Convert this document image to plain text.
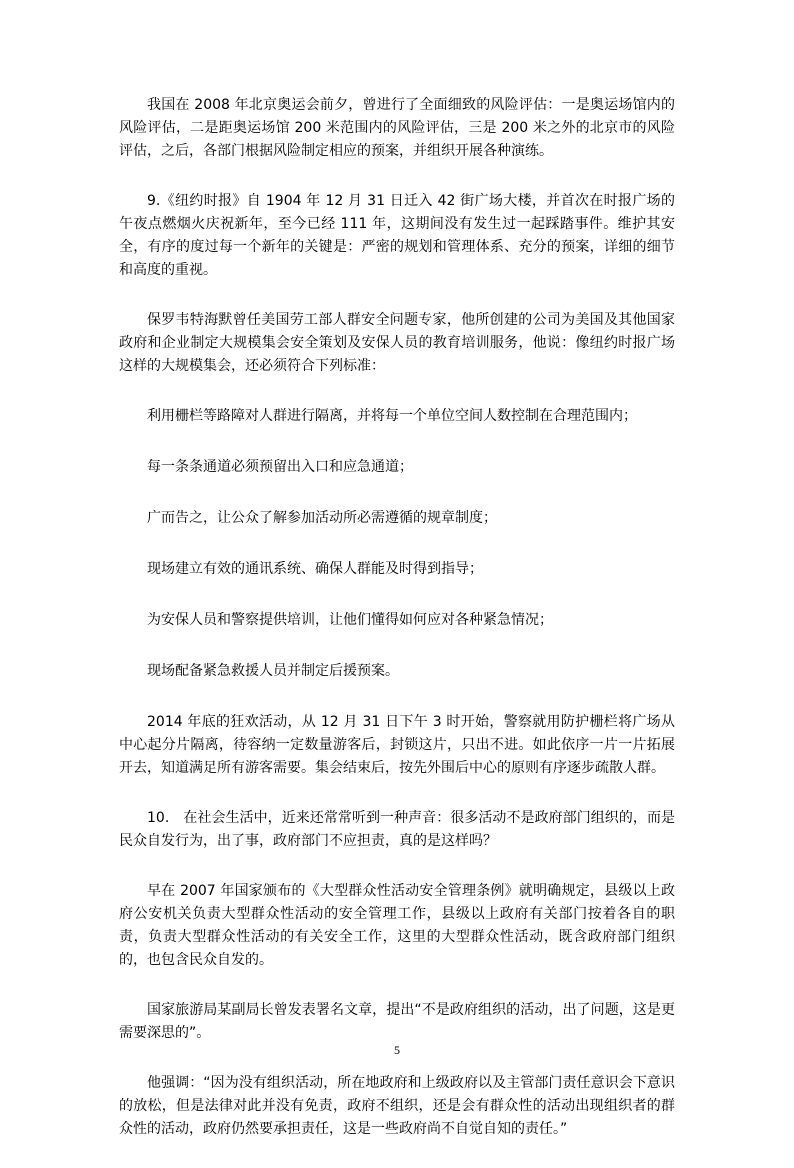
我国在 2008 年北京奥运会前夕，曾进行了全面细致的风险评估：一是奥运场馆内的风险评估，二是距奥运场馆 200 米范围内的风险评估，三是 200 米之外的北京市的风险评估，之后，各部门根据风险制定相应的预案，并组织开展各种演练。

9.《纽约时报》自 1904 年 12 月 31 日迁入 42 街广场大楼，并首次在时报广场的午夜点燃烟火庆祝新年，至今已经 111 年，这期间没有发生过一起踩踏事件。维护其安全，有序的度过每一个新年的关键是：严密的规划和管理体系、充分的预案，详细的细节和高度的重视。

保罗韦特海默曾任美国劳工部人群安全问题专家，他所创建的公司为美国及其他国家政府和企业制定大规模集会安全策划及安保人员的教育培训服务，他说：像纽约时报广场这样的大规模集会，还必须符合下列标准：

利用栅栏等路障对人群进行隔离，并将每一个单位空间人数控制在合理范围内；

每一条条通道必须预留出入口和应急通道；

广而告之，让公众了解参加活动所必需遵循的规章制度；

现场建立有效的通讯系统、确保人群能及时得到指导；

为安保人员和警察提供培训，让他们懂得如何应对各种紧急情况；

现场配备紧急救援人员并制定后援预案。

2014 年底的狂欢活动，从 12 月 31 日下午 3 时开始，警察就用防护栅栏将广场从中心起分片隔离，待容纳一定数量游客后，封锁这片，只出不进。如此依序一片一片拓展开去，知道满足所有游客需要。集会结束后，按先外围后中心的原则有序逐步疏散人群。

10.　在社会生活中，近来还常常听到一种声音：很多活动不是政府部门组织的，而是民众自发行为，出了事，政府部门不应担责，真的是这样吗？

早在 2007 年国家颁布的《大型群众性活动安全管理条例》就明确规定，县级以上政府公安机关负责大型群众性活动的安全管理工作，县级以上政府有关部门按着各自的职责，负责大型群众性活动的有关安全工作，这里的大型群众性活动，既含政府部门组织的，也包含民众自发的。

国家旅游局某副局长曾发表署名文章，提出“不是政府组织的活动，出了问题，这是更需要深思的”。

他强调：“因为没有组织活动，所在地政府和上级政府以及主管部门责任意识会下意识的放松，但是法律对此并没有免责，政府不组织，还是会有群众性的活动出现组织者的群众性的活动，政府仍然要承担责任，这是一些政府尚不自觉自知的责任。”

5
